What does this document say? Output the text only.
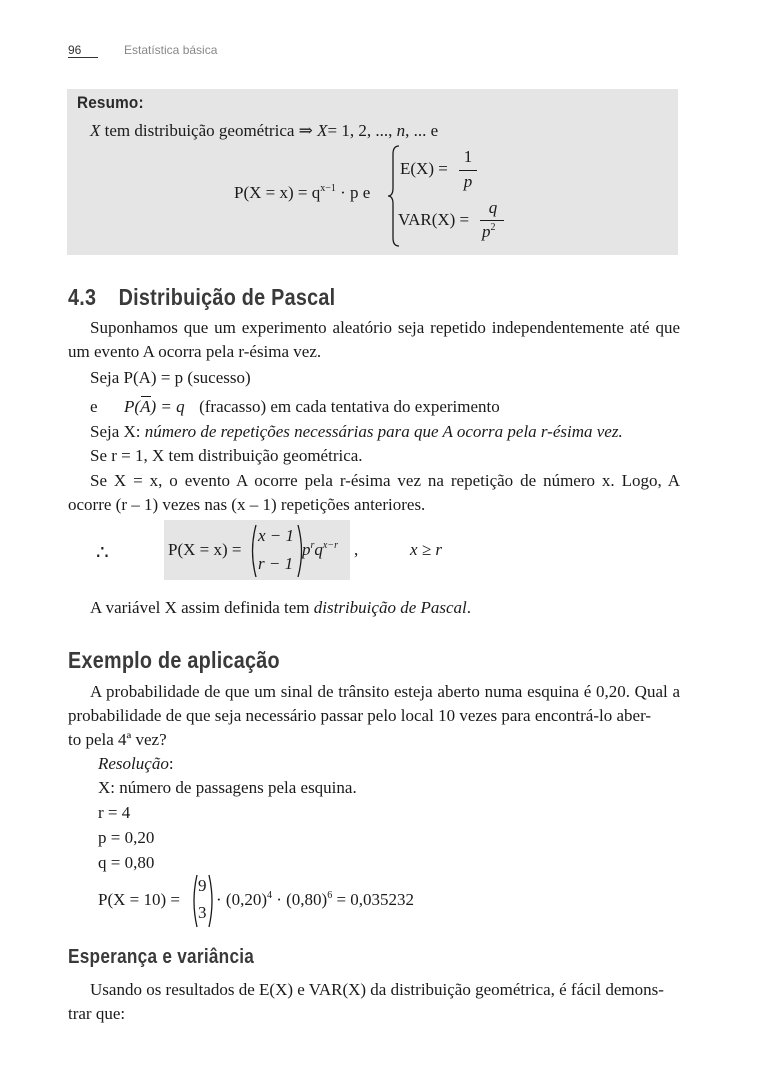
96	Estatística básica
Resumo:
X tem distribuição geométrica ⇒ X= 1, 2, ..., n, ... e
$P(X = x) = q^{x-1} \cdot p$ e
E(X) =
1
p
VAR(X) =
q
$p^2$
4.3 Distribuição de Pascal
Suponhamos que um experimento aleatório seja repetido independentemente até que um evento A ocorra pela r-ésima vez.
Seja P(A) = p (sucesso)
e P(A) = q (fracasso) em cada tentativa do experimento
Seja X: número de repetições necessárias para que A ocorra pela r-ésima vez.
Se r = 1, X tem distribuição geométrica.
Se X = x, o evento A ocorre pela r-ésima vez na repetição de número x. Logo, A ocorre (r – 1) vezes nas (x – 1) repetições anteriores.
∴	P(X = x) =
x − 1
r − 1
$p^rq^{x-r}$ ,	x ≥ r
A variável X assim definida tem distribuição de Pascal.
Exemplo de aplicação
A probabilidade de que um sinal de trânsito esteja aberto numa esquina é 0,20. Qual a probabilidade de que seja necessário passar pelo local 10 vezes para encontrá-lo aber-
to pela 4ª vez?
Resolução:
X: número de passagens pela esquina.
r = 4
p = 0,20
q = 0,80
P(X = 10) =
9
3
· $(0,20)^4 \cdot (0,80)^6 = 0,035232$
Esperança e variância
Usando os resultados de E(X) e VAR(X) da distribuição geométrica, é fácil demons-
trar que:
